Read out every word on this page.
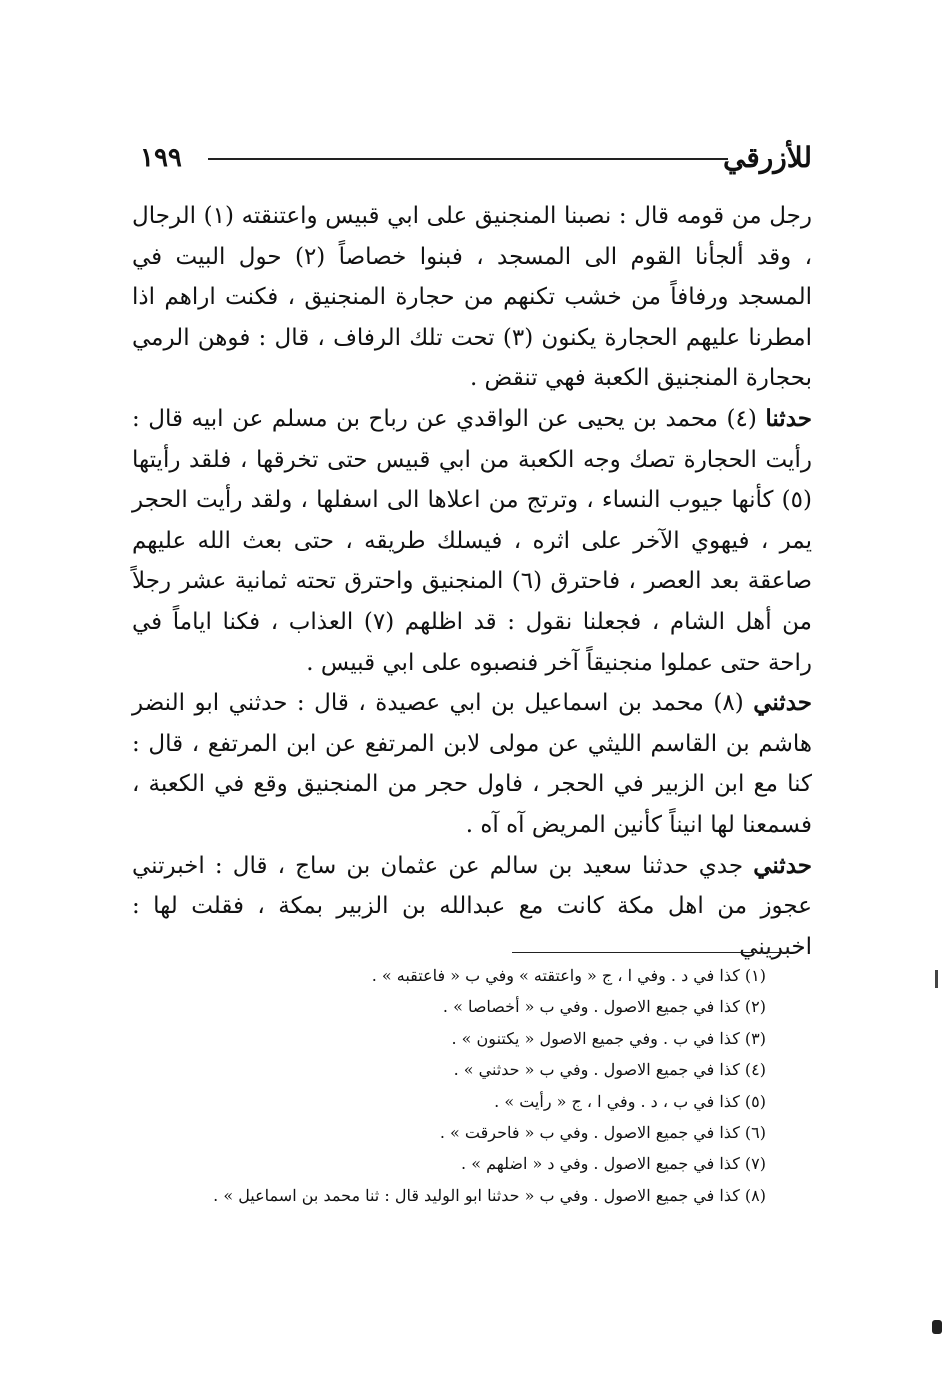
للأزرقي
١٩٩

رجل من قومه قال : نصبنا المنجنيق على ابي قبيس واعتنقته (١) الرجال ، وقد ألجأنا القوم الى المسجد ، فبنوا خصاصاً (٢) حول البيت في المسجد ورفافاً من خشب تكنهم من حجارة المنجنيق ، فكنت اراهم اذا امطرنا عليهم الحجارة يكنون (٣) تحت تلك الرفاف ، قال : فوهن الرمي بحجارة المنجنيق الكعبة فهي تنقض .

حدثنا (٤) محمد بن يحيى عن الواقدي عن رباح بن مسلم عن ابيه قال : رأيت الحجارة تصك وجه الكعبة من ابي قبيس حتى تخرقها ، فلقد رأيتها (٥) كأنها جيوب النساء ، وترتج من اعلاها الى اسفلها ، ولقد رأيت الحجر يمر ، فيهوي الآخر على اثره ، فيسلك طريقه ، حتى بعث الله عليهم صاعقة بعد العصر ، فاحترق (٦) المنجنيق واحترق تحته ثمانية عشر رجلاً من أهل الشام ، فجعلنا نقول : قد اظلهم (٧) العذاب ، فكنا اياماً في راحة حتى عملوا منجنيقاً آخر فنصبوه على ابي قبيس .

حدثني (٨) محمد بن اسماعيل بن ابي عصيدة ، قال : حدثني ابو النضر هاشم بن القاسم الليثي عن مولى لابن المرتفع عن ابن المرتفع ، قال : كنا مع ابن الزبير في الحجر ، فاول حجر من المنجنيق وقع في الكعبة ، فسمعنا لها انيناً كأنين المريض آه آه .

حدثني جدي حدثنا سعيد بن سالم عن عثمان بن ساج ، قال : اخبرتني عجوز من اهل مكة كانت مع عبدالله بن الزبير بمكة ، فقلت لها : اخبريني

(١) كذا في د . وفي ا ، ج « واعتقته » وفي ب « فاعتقبه » .
(٢) كذا في جميع الاصول . وفي ب « أخصاصا » .
(٣) كذا في ب . وفي جميع الاصول « يكتنون » .
(٤) كذا في جميع الاصول . وفي ب « حدثني » .
(٥) كذا في ب ، د . وفي ا ، ج « رأيت » .
(٦) كذا في جميع الاصول . وفي ب « فاحرقت » .
(٧) كذا في جميع الاصول . وفي د « اضلهم » .
(٨) كذا في جميع الاصول . وفي ب « حدثنا ابو الوليد قال : ثنا محمد بن اسماعيل » .
